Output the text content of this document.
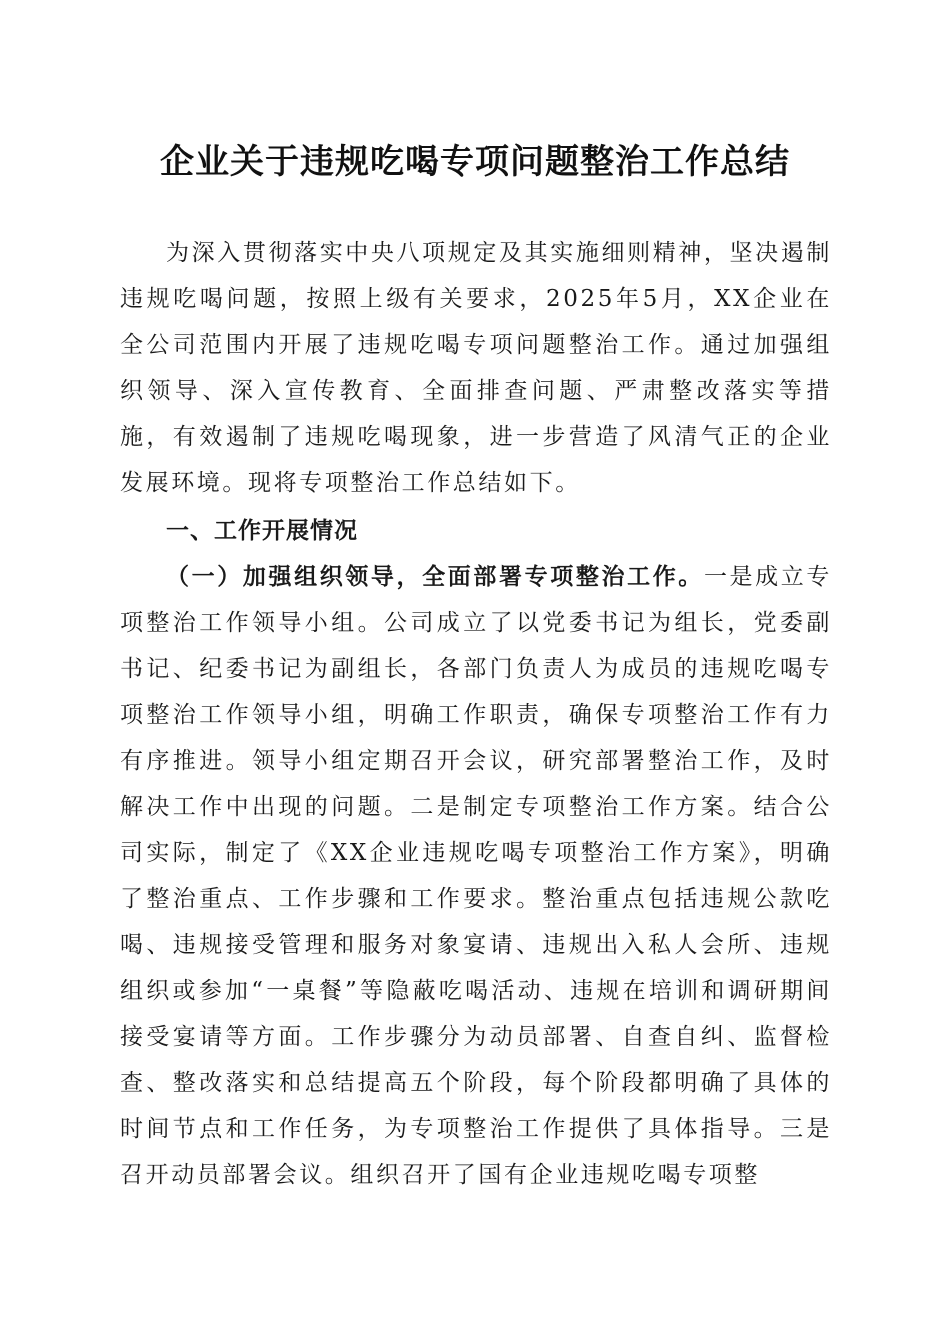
企业关于违规吃喝专项问题整治工作总结

为深入贯彻落实中央八项规定及其实施细则精神，坚决遏制违规吃喝问题，按照上级有关要求，2025年5月，XX企业在全公司范围内开展了违规吃喝专项问题整治工作。通过加强组织领导、深入宣传教育、全面排查问题、严肃整改落实等措施，有效遏制了违规吃喝现象，进一步营造了风清气正的企业发展环境。现将专项整治工作总结如下。

一、工作开展情况

（一）加强组织领导，全面部署专项整治工作。一是成立专项整治工作领导小组。公司成立了以党委书记为组长，党委副书记、纪委书记为副组长，各部门负责人为成员的违规吃喝专项整治工作领导小组，明确工作职责，确保专项整治工作有力有序推进。领导小组定期召开会议，研究部署整治工作，及时解决工作中出现的问题。二是制定专项整治工作方案。结合公司实际，制定了《XX企业违规吃喝专项整治工作方案》，明确了整治重点、工作步骤和工作要求。整治重点包括违规公款吃喝、违规接受管理和服务对象宴请、违规出入私人会所、违规组织或参加“一桌餐”等隐蔽吃喝活动、违规在培训和调研期间接受宴请等方面。工作步骤分为动员部署、自查自纠、监督检查、整改落实和总结提高五个阶段，每个阶段都明确了具体的时间节点和工作任务，为专项整治工作提供了具体指导。三是召开动员部署会议。组织召开了国有企业违规吃喝专项整
